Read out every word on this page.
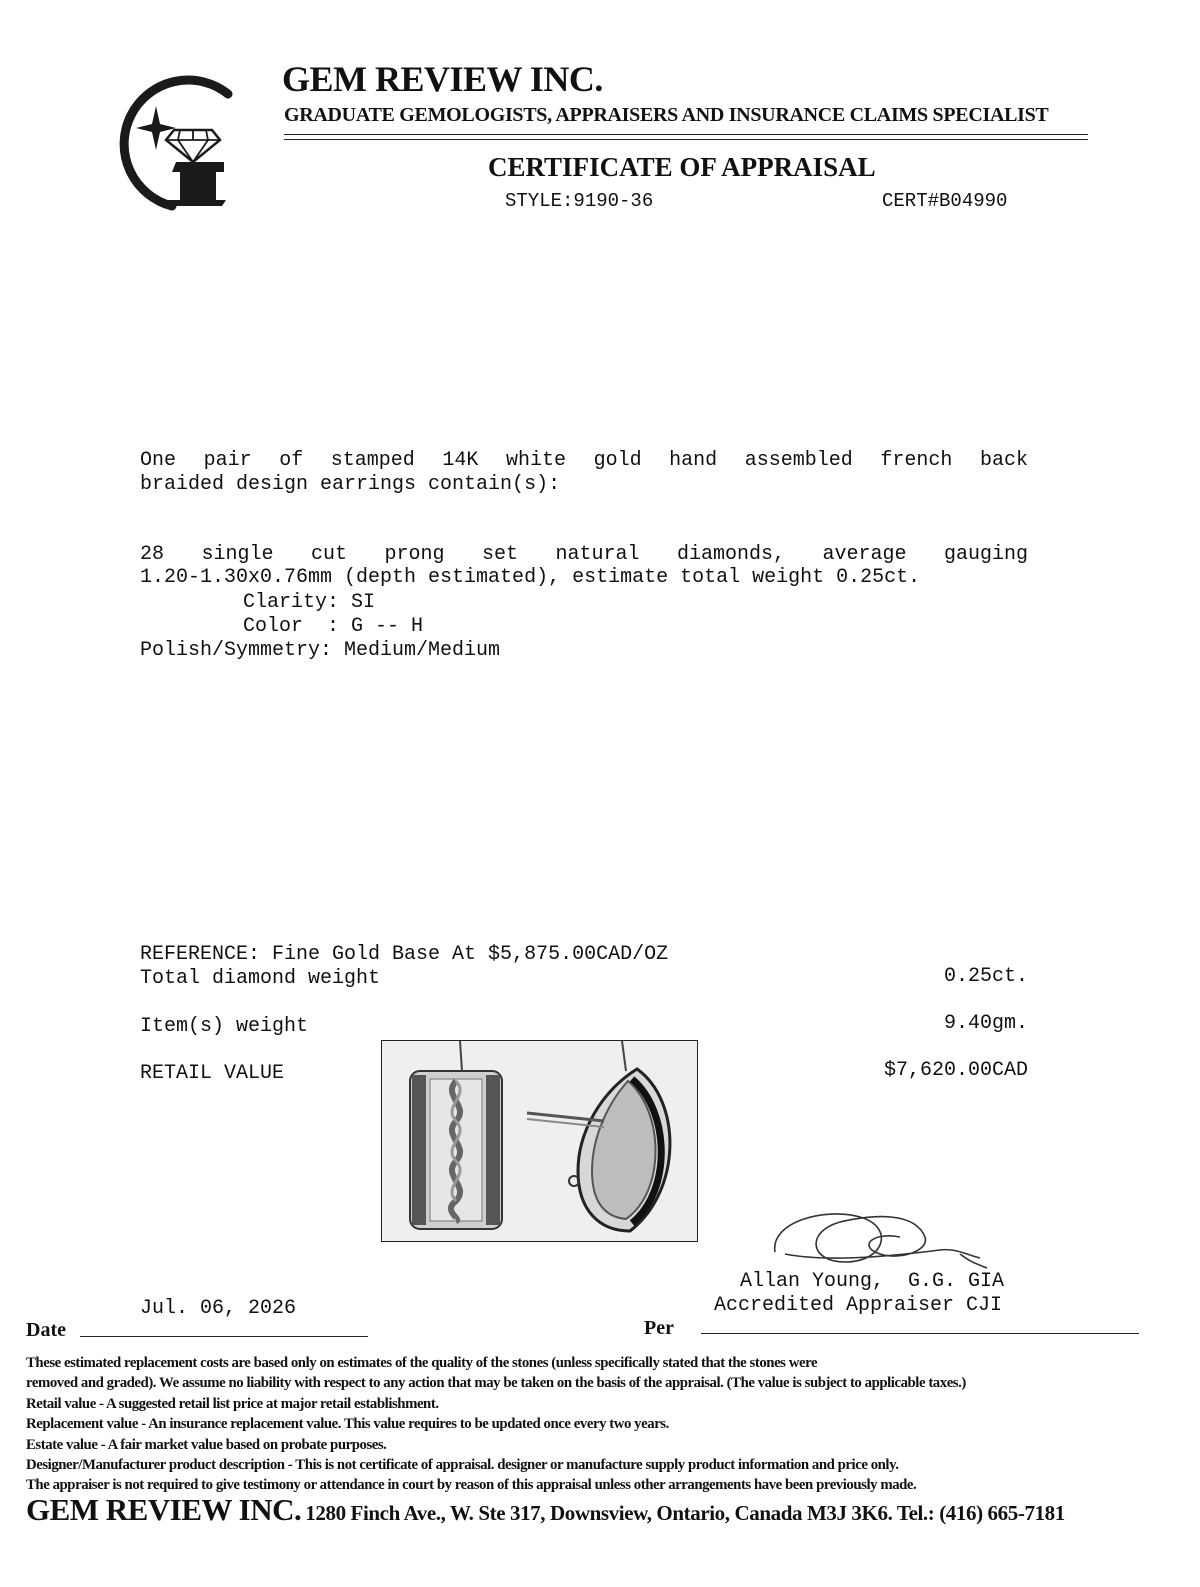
GEM REVIEW INC.
GRADUATE GEMOLOGISTS, APPRAISERS AND INSURANCE CLAIMS SPECIALIST
CERTIFICATE OF APPRAISAL
STYLE:9190-36	CERT#B04990
One pair of stamped 14K white gold hand assembled french back
braided design earrings contain(s):
28 single cut prong set natural diamonds, average gauging
1.20-1.30x0.76mm (depth estimated), estimate total weight 0.25ct.
Clarity: SI
Color  : G -- H
Polish/Symmetry: Medium/Medium
REFERENCE: Fine Gold Base At $5,875.00CAD/OZ
Total diamond weight	0.25ct.
Item(s) weight	9.40gm.
RETAIL VALUE	$7,620.00CAD
Allan Young,  G.G. GIA
Accredited Appraiser CJI
Jul. 06, 2026
Date	Per
These estimated replacement costs are based only on estimates of the quality of the stones (unless specifically stated that the stones were
removed and graded). We assume no liability with respect to any action that may be taken on the basis of the appraisal. (The value is subject to applicable taxes.)
Retail value - A suggested retail list price at major retail establishment.
Replacement value - An insurance replacement value. This value requires to be updated once every two years.
Estate value - A fair market value based on probate purposes.
Designer/Manufacturer product description - This is not certificate of appraisal. designer or manufacture supply product information and price only.
The appraiser is not required to give testimony or attendance in court by reason of this appraisal unless other arrangements have been previously made.
GEM REVIEW INC. 1280 Finch Ave., W. Ste 317, Downsview, Ontario, Canada M3J 3K6. Tel.: (416) 665-7181
